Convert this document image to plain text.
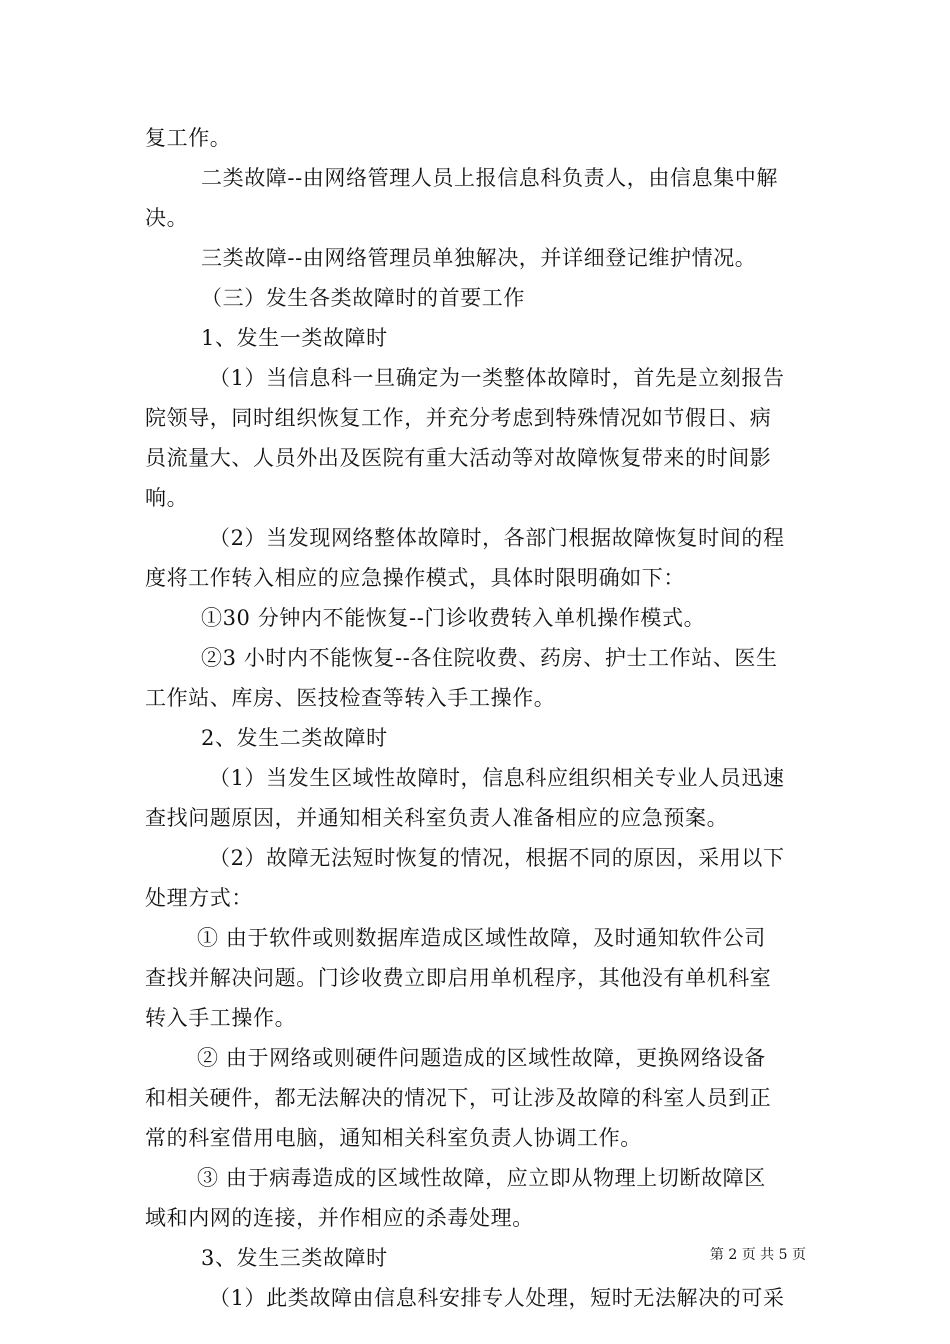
复工作。
二类故障--由网络管理人员上报信息科负责人，由信息集中解
决。
三类故障--由网络管理员单独解决，并详细登记维护情况。
（三）发生各类故障时的首要工作
1、发生一类故障时
（1）当信息科一旦确定为一类整体故障时，首先是立刻报告
院领导，同时组织恢复工作，并充分考虑到特殊情况如节假日、病
员流量大、人员外出及医院有重大活动等对故障恢复带来的时间影
响。
（2）当发现网络整体故障时，各部门根据故障恢复时间的程
度将工作转入相应的应急操作模式，具体时限明确如下：
①30 分钟内不能恢复--门诊收费转入单机操作模式。
②3 小时内不能恢复--各住院收费、药房、护士工作站、医生
工作站、库房、医技检查等转入手工操作。
2、发生二类故障时
（1）当发生区域性故障时，信息科应组织相关专业人员迅速
查找问题原因，并通知相关科室负责人准备相应的应急预案。
（2）故障无法短时恢复的情况，根据不同的原因，采用以下
处理方式：
① 由于软件或则数据库造成区域性故障，及时通知软件公司
查找并解决问题。门诊收费立即启用单机程序，其他没有单机科室
转入手工操作。
② 由于网络或则硬件问题造成的区域性故障，更换网络设备
和相关硬件，都无法解决的情况下，可让涉及故障的科室人员到正
常的科室借用电脑，通知相关科室负责人协调工作。
③ 由于病毒造成的区域性故障，应立即从物理上切断故障区
域和内网的连接，并作相应的杀毒处理。
3、发生三类故障时
（1）此类故障由信息科安排专人处理，短时无法解决的可采
第 2 页 共 5 页
